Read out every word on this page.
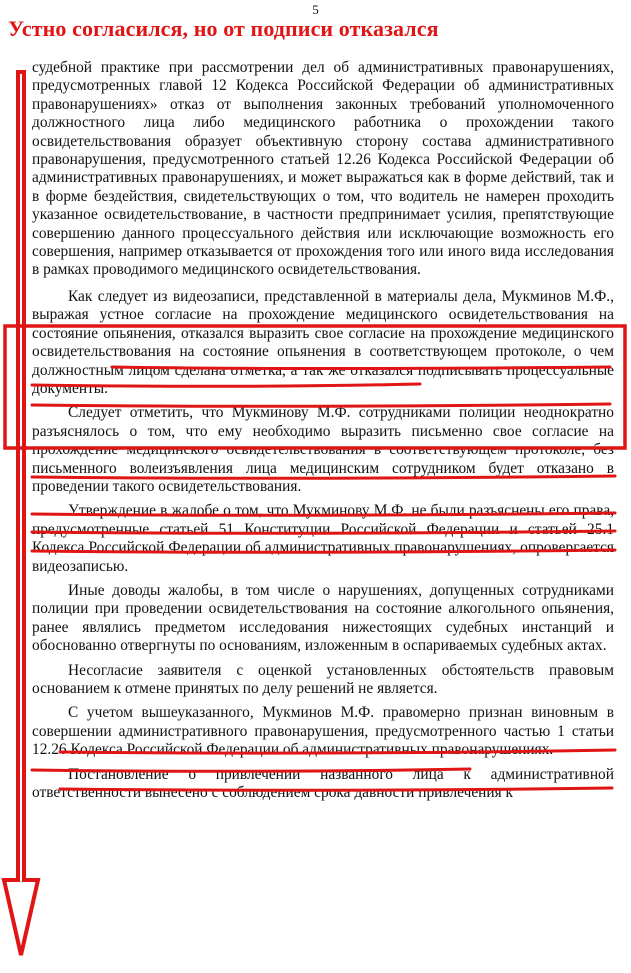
5
Устно согласился, но от подписи отказался

судебной практике при рассмотрении дел об административных правонарушениях, предусмотренных главой 12 Кодекса Российской Федерации об административных правонарушениях» отказ от выполнения законных требований уполномоченного должностного лица либо медицинского работника о прохождении такого освидетельствования образует объективную сторону состава административного правонарушения, предусмотренного статьей 12.26 Кодекса Российской Федерации об административных правонарушениях, и может выражаться как в форме действий, так и в форме бездействия, свидетельствующих о том, что водитель не намерен проходить указанное освидетельствование, в частности предпринимает усилия, препятствующие совершению данного процессуального действия или исключающие возможность его совершения, например отказывается от прохождения того или иного вида исследования в рамках проводимого медицинского освидетельствования.

Как следует из видеозаписи, представленной в материалы дела, Мукминов М.Ф., выражая устное согласие на прохождение медицинского освидетельствования на состояние опьянения, отказался выразить свое согласие на прохождение медицинского освидетельствования на состояние опьянения в соответствующем протоколе, о чем должностным лицом сделана отметка, а так же отказался подписывать процессуальные документы.

Следует отметить, что Мукминову М.Ф. сотрудниками полиции неоднократно разъяснялось о том, что ему необходимо выразить письменно свое согласие на прохождение медицинского освидетельствования в соответствующем протоколе, без письменного волеизъявления лица медицинским сотрудником будет отказано в проведении такого освидетельствования.

Утверждение в жалобе о том, что Мукминову М.Ф. не были разъяснены его права, предусмотренные статьей 51 Конституции Российской Федерации и статьей 25.1 Кодекса Российской Федерации об административных правонарушениях, опровергается видеозаписью.

Иные доводы жалобы, в том числе о нарушениях, допущенных сотрудниками полиции при проведении освидетельствования на состояние алкогольного опьянения, ранее являлись предметом исследования нижестоящих судебных инстанций и обоснованно отвергнуты по основаниям, изложенным в оспариваемых судебных актах.

Несогласие заявителя с оценкой установленных обстоятельств правовым основанием к отмене принятых по делу решений не является.

С учетом вышеуказанного, Мукминов М.Ф. правомерно признан виновным в совершении административного правонарушения, предусмотренного частью 1 статьи 12.26 Кодекса Российской Федерации об административных правонарушениях.

Постановление о привлечении названного лица к административной ответственности вынесено с соблюдением срока давности привлечения к
